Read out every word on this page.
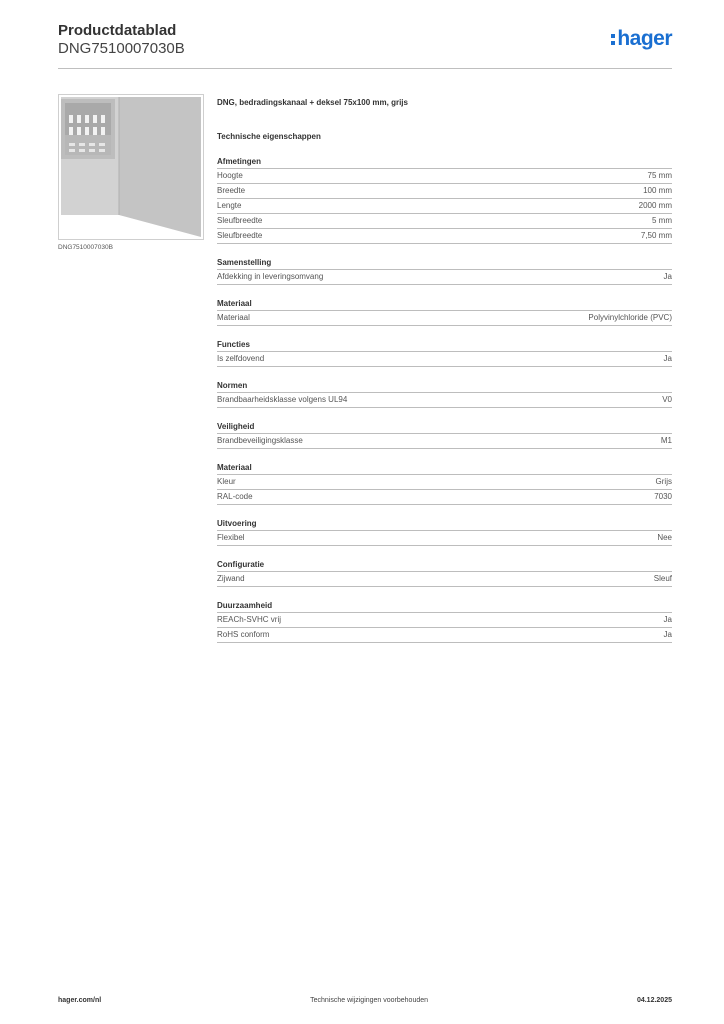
Productdatablad
DNG7510007030B	hager
DNG7510007030B
DNG, bedradingskanaal + deksel 75x100 mm, grijs
Technische eigenschappen
Afmetingen
Hoogte	75 mm
Breedte	100 mm
Lengte	2000 mm
Sleufbreedte	5 mm
Sleufbreedte	7,50 mm
Samenstelling
Afdekking in leveringsomvang	Ja
Materiaal
Materiaal	Polyvinylchloride (PVC)
Functies
Is zelfdovend	Ja
Normen
Brandbaarheidsklasse volgens UL94	V0
Veiligheid
Brandbeveiligingsklasse	M1
Materiaal
Kleur	Grijs
RAL-code	7030
Uitvoering
Flexibel	Nee
Configuratie
Zijwand	Sleuf
Duurzaamheid
REACh-SVHC vrij	Ja
RoHS conform	Ja
hager.com/nl	Technische wijzigingen voorbehouden	04.12.2025
